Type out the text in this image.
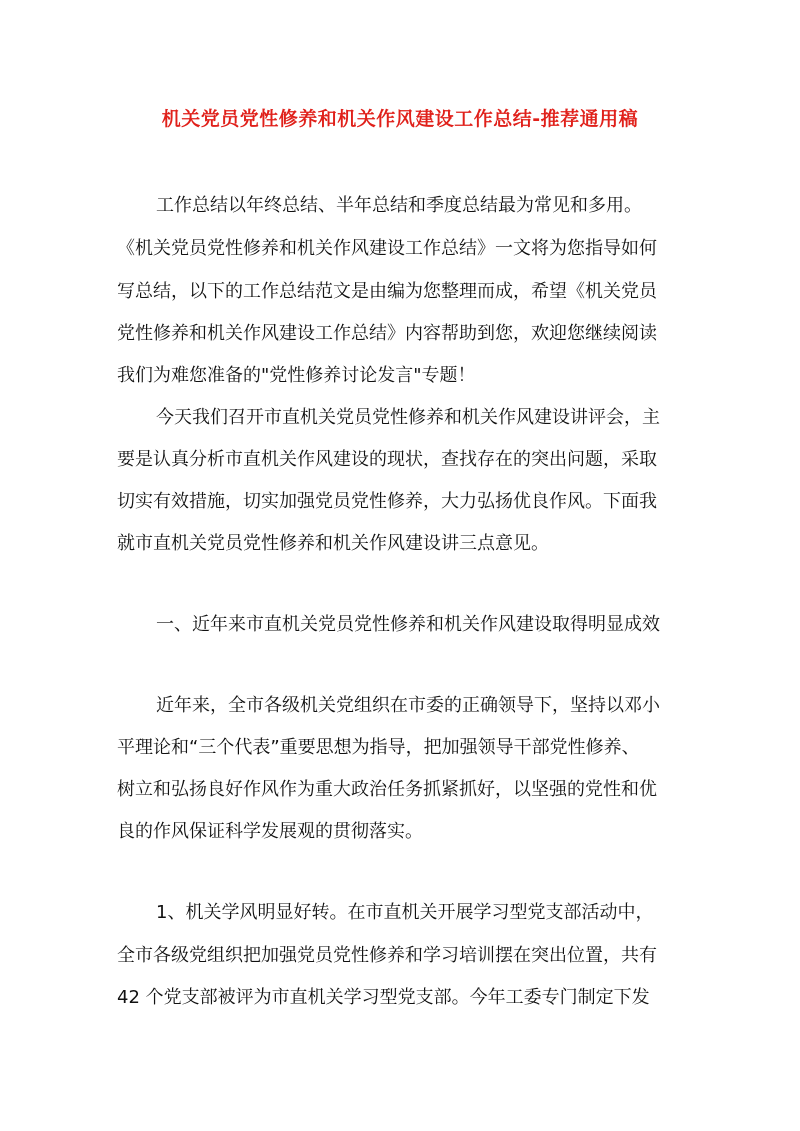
机关党员党性修养和机关作风建设工作总结-推荐通用稿
工作总结以年终总结、半年总结和季度总结最为常见和多用。
《机关党员党性修养和机关作风建设工作总结》一文将为您指导如何
写总结，以下的工作总结范文是由编为您整理而成，希望《机关党员
党性修养和机关作风建设工作总结》内容帮助到您，欢迎您继续阅读
我们为难您准备的"党性修养讨论发言"专题！
今天我们召开市直机关党员党性修养和机关作风建设讲评会，主
要是认真分析市直机关作风建设的现状，查找存在的突出问题，采取
切实有效措施，切实加强党员党性修养，大力弘扬优良作风。下面我
就市直机关党员党性修养和机关作风建设讲三点意见。
一、近年来市直机关党员党性修养和机关作风建设取得明显成效
近年来，全市各级机关党组织在市委的正确领导下，坚持以邓小
平理论和“三个代表”重要思想为指导，把加强领导干部党性修养、
树立和弘扬良好作风作为重大政治任务抓紧抓好，以坚强的党性和优
良的作风保证科学发展观的贯彻落实。
1、机关学风明显好转。在市直机关开展学习型党支部活动中，
全市各级党组织把加强党员党性修养和学习培训摆在突出位置，共有
42 个党支部被评为市直机关学习型党支部。今年工委专门制定下发
